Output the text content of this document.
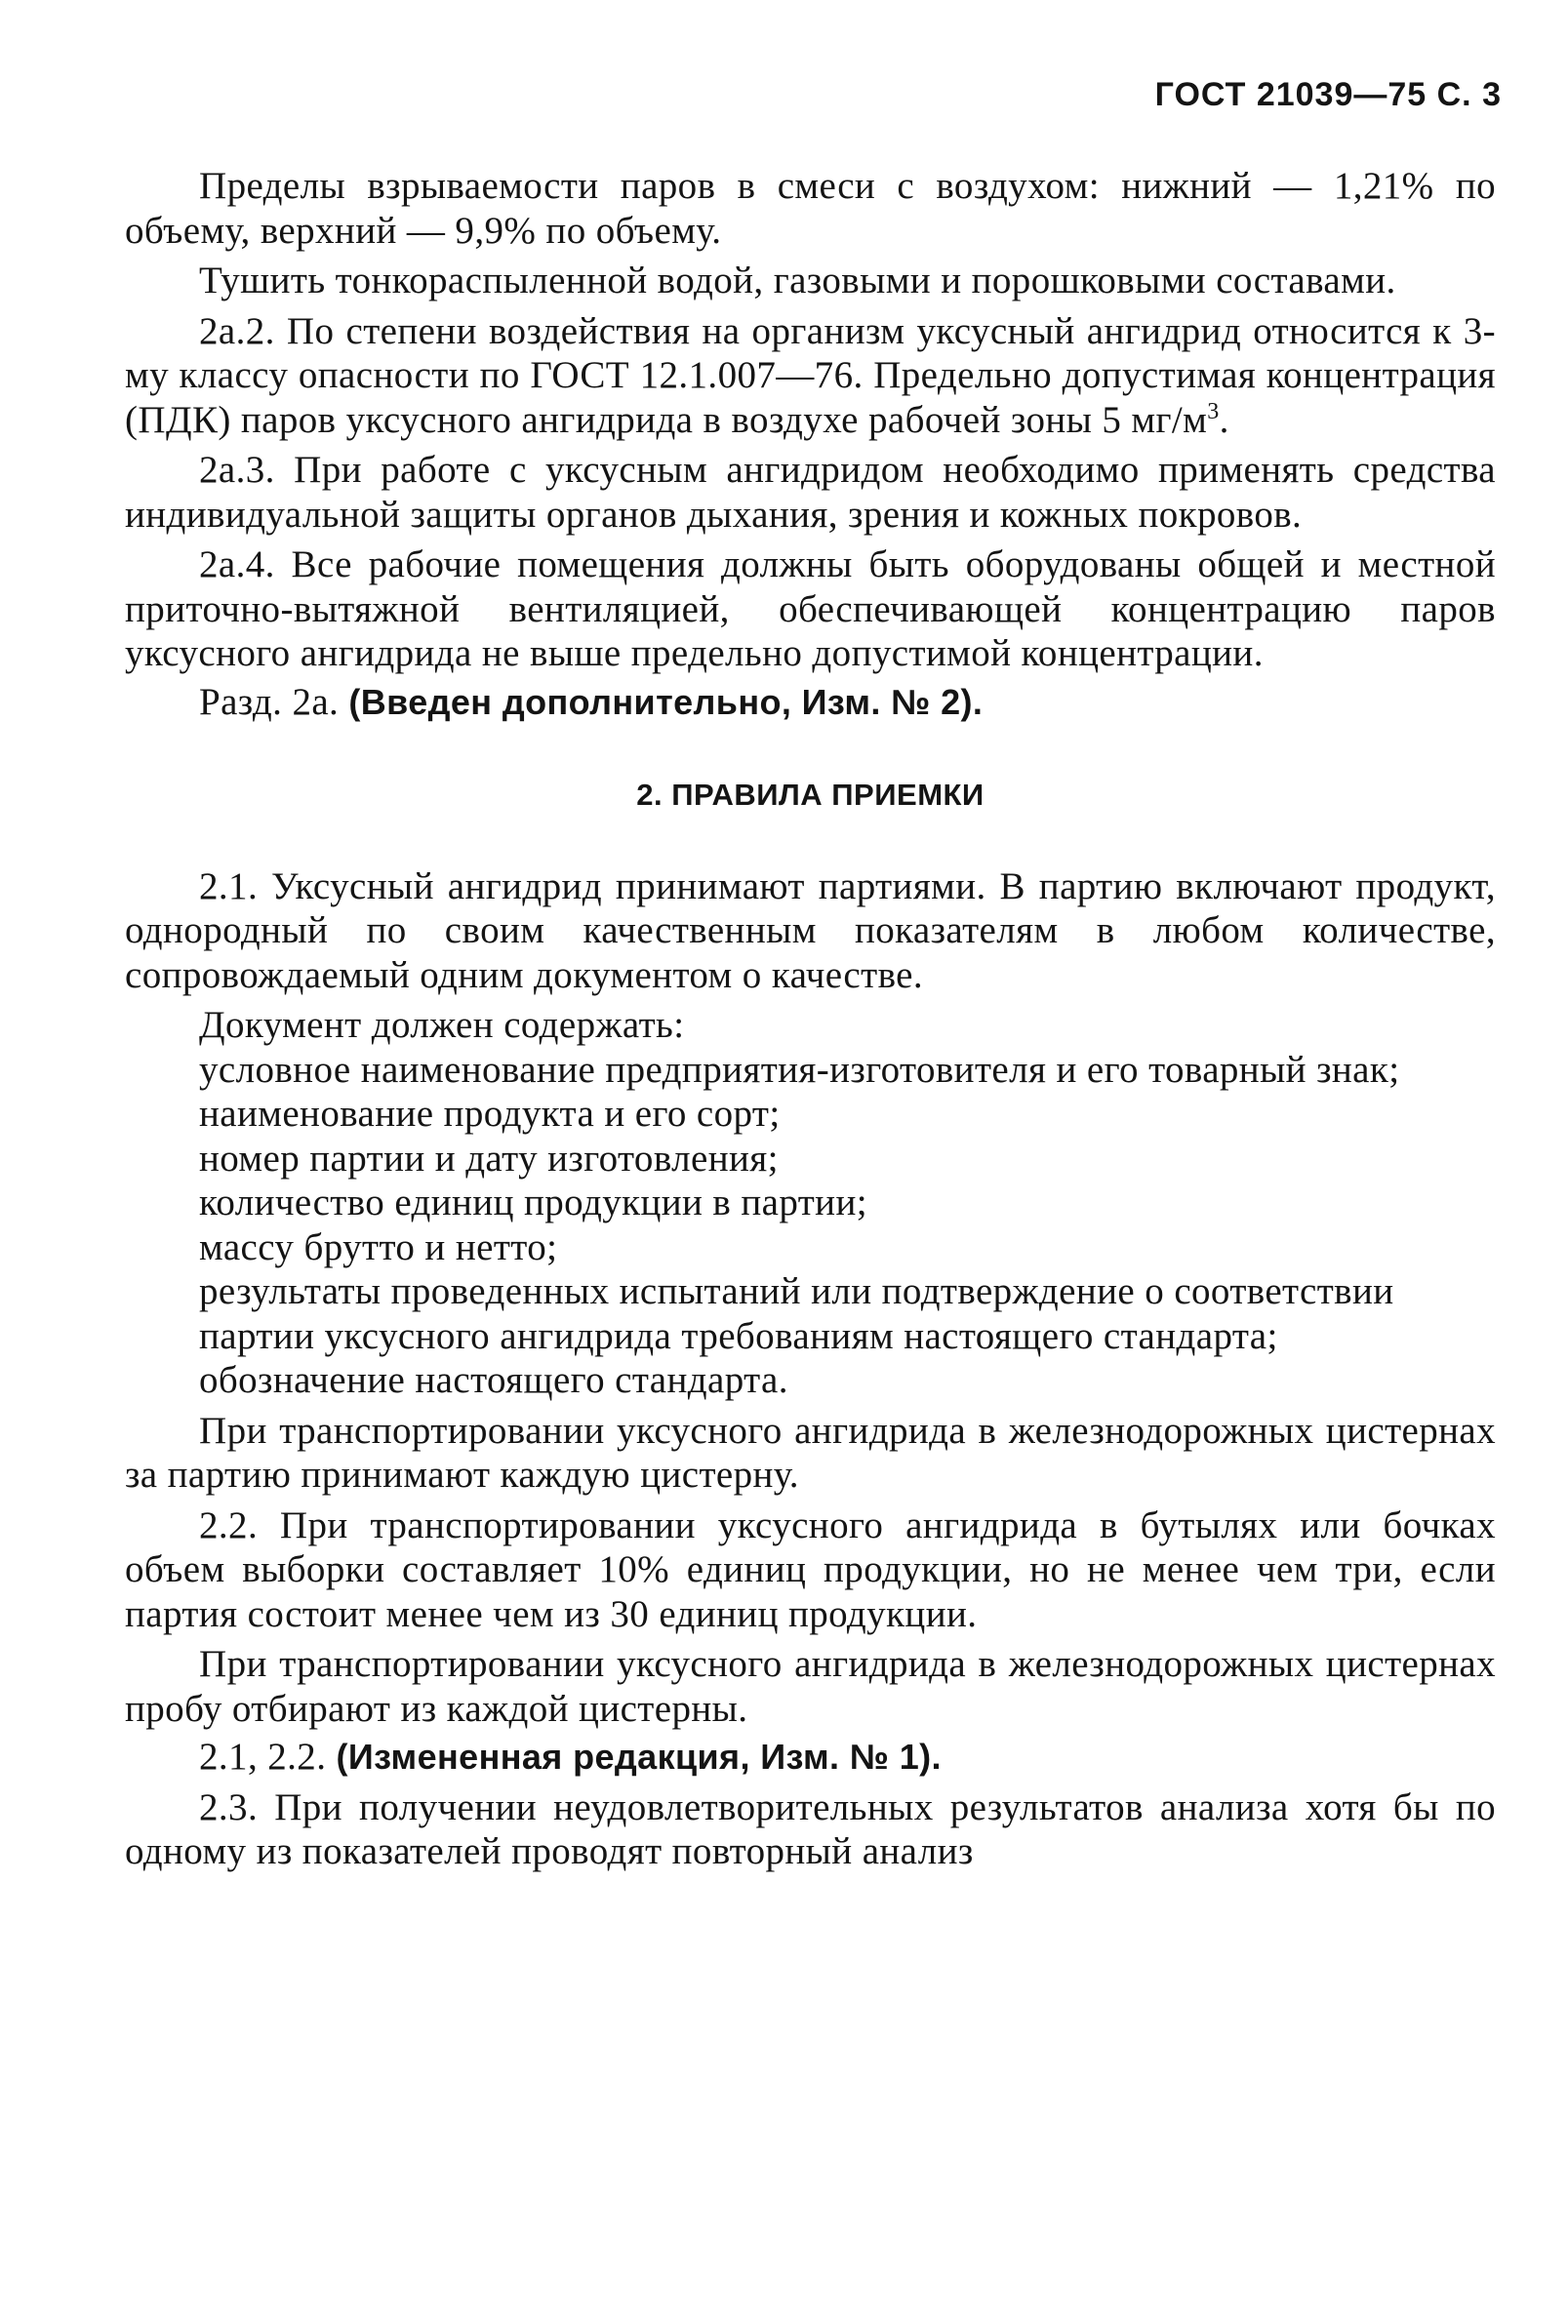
ГОСТ 21039—75 С. 3

Пределы взрываемости паров в смеси с воздухом: нижний — 1,21% по объему, верхний — 9,9% по объему.

Тушить тонкораспыленной водой, газовыми и порошковыми составами.

2а.2. По степени воздействия на организм уксусный ангидрид относится к 3-му классу опасности по ГОСТ 12.1.007—76. Предельно допустимая концентрация (ПДК) паров уксусного ангидрида в воздухе рабочей зоны 5 $мг/м^3$.

2а.3. При работе с уксусным ангидридом необходимо применять средства индивидуальной защиты органов дыхания, зрения и кожных покровов.

2а.4. Все рабочие помещения должны быть оборудованы общей и местной приточно-вытяжной вентиляцией, обеспечивающей концентрацию паров уксусного ангидрида не выше предельно допустимой концентрации.

Разд. 2а. (Введен дополнительно, Изм. № 2).

2. ПРАВИЛА ПРИЕМКИ

2.1. Уксусный ангидрид принимают партиями. В партию включают продукт, однородный по своим качественным показателям в любом количестве, сопровождаемый одним документом о качестве.

Документ должен содержать:

условное наименование предприятия-изготовителя и его товарный знак;

наименование продукта и его сорт;

номер партии и дату изготовления;

количество единиц продукции в партии;

массу брутто и нетто;

результаты проведенных испытаний или подтверждение о соответствии партии уксусного ангидрида требованиям настоящего стандарта;

обозначение настоящего стандарта.

При транспортировании уксусного ангидрида в железнодорожных цистернах за партию принимают каждую цистерну.

2.2. При транспортировании уксусного ангидрида в бутылях или бочках объем выборки составляет 10% единиц продукции, но не менее чем три, если партия состоит менее чем из 30 единиц продукции.

При транспортировании уксусного ангидрида в железнодорожных цистернах пробу отбирают из каждой цистерны.

2.1, 2.2. (Измененная редакция, Изм. № 1).

2.3. При получении неудовлетворительных результатов анализа хотя бы по одному из показателей проводят повторный анализ
